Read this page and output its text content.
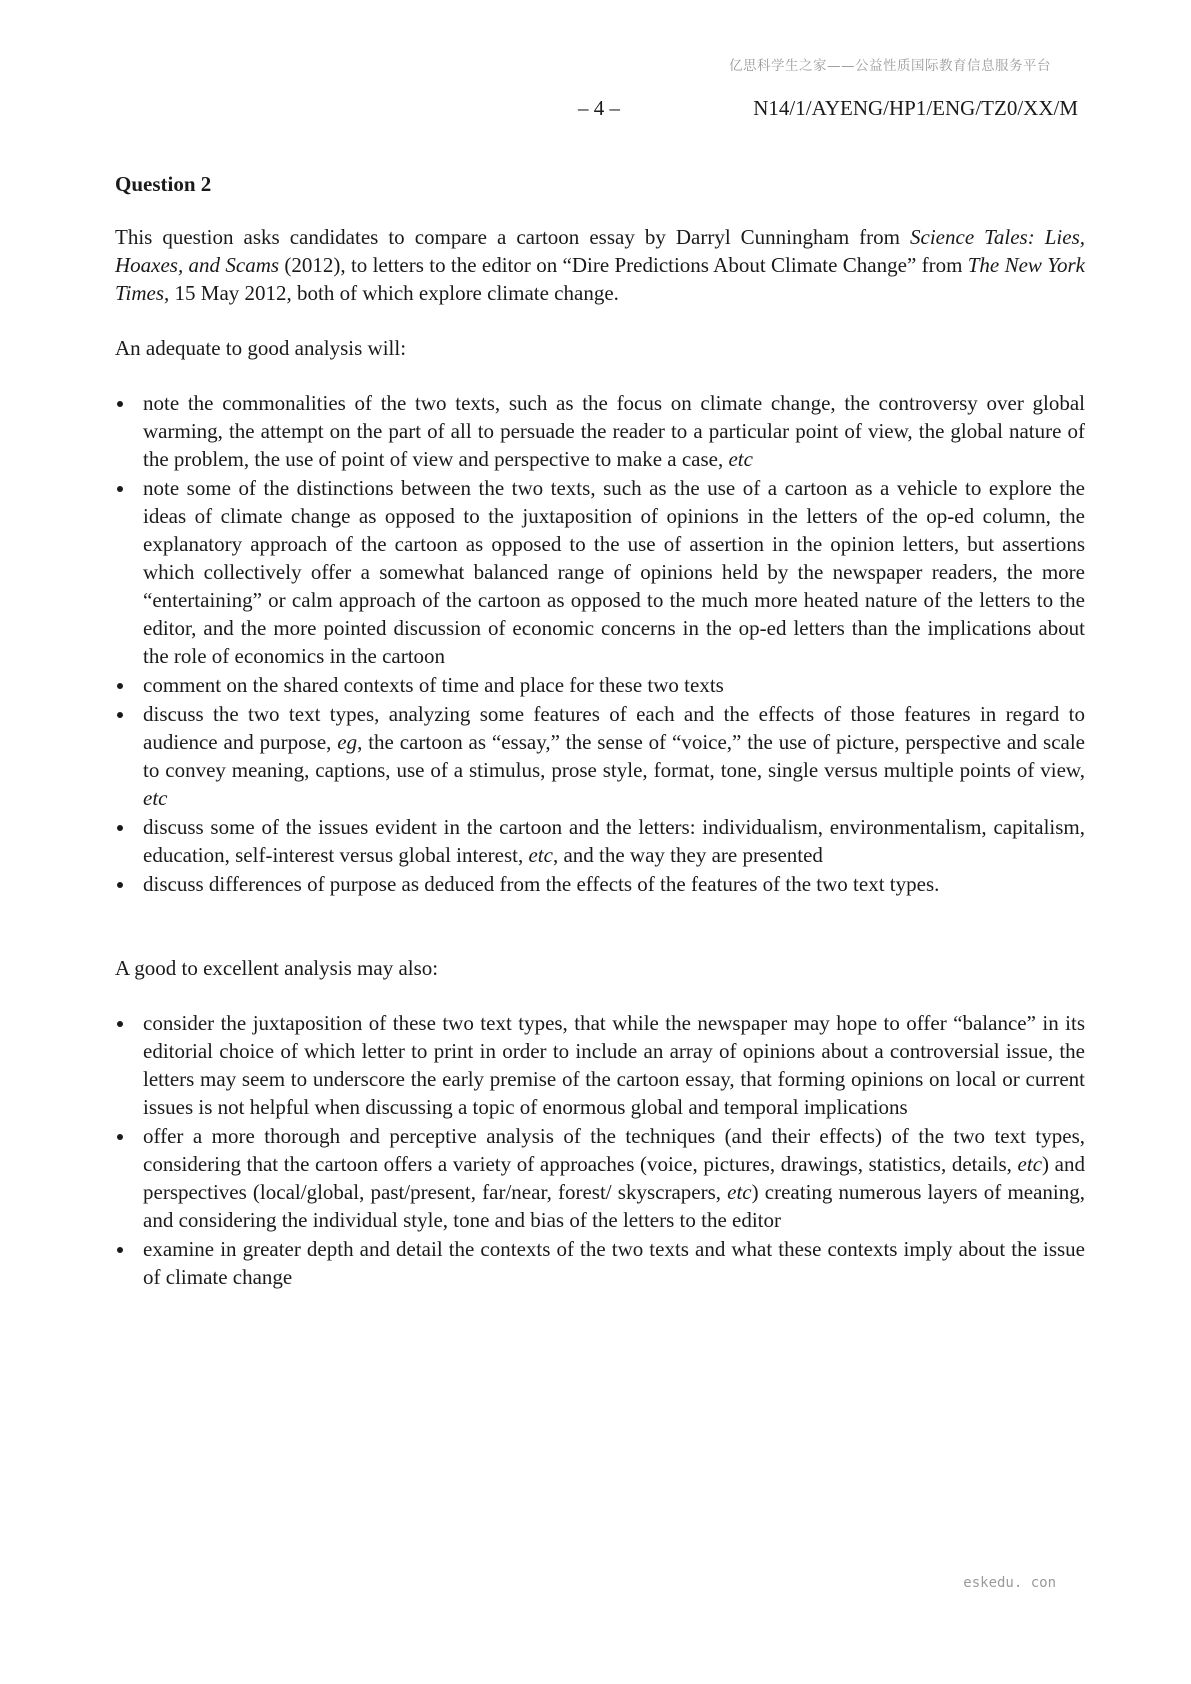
亿思科学生之家——公益性质国际教育信息服务平台
– 4 –	N14/1/AYENG/HP1/ENG/TZ0/XX/M

Question 2

This question asks candidates to compare a cartoon essay by Darryl Cunningham from Science Tales: Lies, Hoaxes, and Scams (2012), to letters to the editor on “Dire Predictions About Climate Change” from The New York Times, 15 May 2012, both of which explore climate change.

An adequate to good analysis will:

note the commonalities of the two texts, such as the focus on climate change, the controversy over global warming, the attempt on the part of all to persuade the reader to a particular point of view, the global nature of the problem, the use of point of view and perspective to make a case, etc
note some of the distinctions between the two texts, such as the use of a cartoon as a vehicle to explore the ideas of climate change as opposed to the juxtaposition of opinions in the letters of the op-ed column, the explanatory approach of the cartoon as opposed to the use of assertion in the opinion letters, but assertions which collectively offer a somewhat balanced range of opinions held by the newspaper readers, the more “entertaining” or calm approach of the cartoon as opposed to the much more heated nature of the letters to the editor, and the more pointed discussion of economic concerns in the op-ed letters than the implications about the role of economics in the cartoon
comment on the shared contexts of time and place for these two texts
discuss the two text types, analyzing some features of each and the effects of those features in regard to audience and purpose, eg, the cartoon as “essay,” the sense of “voice,” the use of picture, perspective and scale to convey meaning, captions, use of a stimulus, prose style, format, tone, single versus multiple points of view, etc
discuss some of the issues evident in the cartoon and the letters: individualism, environmentalism, capitalism, education, self-interest versus global interest, etc, and the way they are presented
discuss differences of purpose as deduced from the effects of the features of the two text types.

A good to excellent analysis may also:

consider the juxtaposition of these two text types, that while the newspaper may hope to offer “balance” in its editorial choice of which letter to print in order to include an array of opinions about a controversial issue, the letters may seem to underscore the early premise of the cartoon essay, that forming opinions on local or current issues is not helpful when discussing a topic of enormous global and temporal implications
offer a more thorough and perceptive analysis of the techniques (and their effects) of the two text types, considering that the cartoon offers a variety of approaches (voice, pictures, drawings, statistics, details, etc) and perspectives (local/global, past/present, far/near, forest/ skyscrapers, etc) creating numerous layers of meaning, and considering the individual style, tone and bias of the letters to the editor
examine in greater depth and detail the contexts of the two texts and what these contexts imply about the issue of climate change
eskedu. con
